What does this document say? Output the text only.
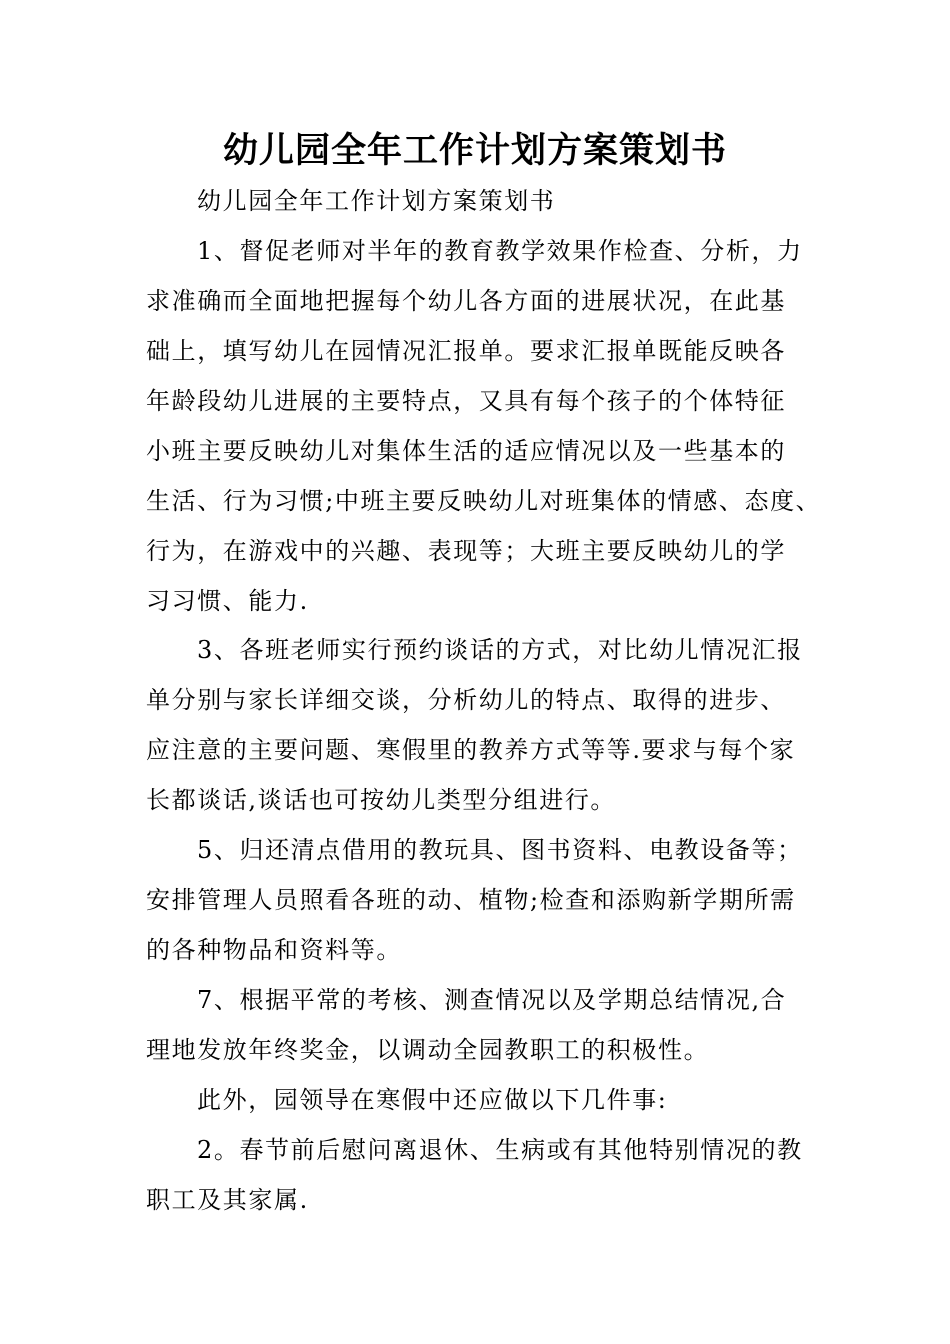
幼儿园全年工作计划方案策划书
幼儿园全年工作计划方案策划书
1、督促老师对半年的教育教学效果作检查、分析，力
求准确而全面地把握每个幼儿各方面的进展状况，在此基
础上，填写幼儿在园情况汇报单。要求汇报单既能反映各
年龄段幼儿进展的主要特点，又具有每个孩子的个体特征
小班主要反映幼儿对集体生活的适应情况以及一些基本的
生活、行为习惯;中班主要反映幼儿对班集体的情感、态度、
行为，在游戏中的兴趣、表现等；大班主要反映幼儿的学
习习惯、能力.
3、各班老师实行预约谈话的方式，对比幼儿情况汇报
单分别与家长详细交谈，分析幼儿的特点、取得的进步、
应注意的主要问题、寒假里的教养方式等等.要求与每个家
长都谈话,谈话也可按幼儿类型分组进行。
5、归还清点借用的教玩具、图书资料、电教设备等；
安排管理人员照看各班的动、植物;检查和添购新学期所需
的各种物品和资料等。
7、根据平常的考核、测查情况以及学期总结情况,合
理地发放年终奖金，以调动全园教职工的积极性。
此外，园领导在寒假中还应做以下几件事:
2。春节前后慰问离退休、生病或有其他特别情况的教
职工及其家属.
